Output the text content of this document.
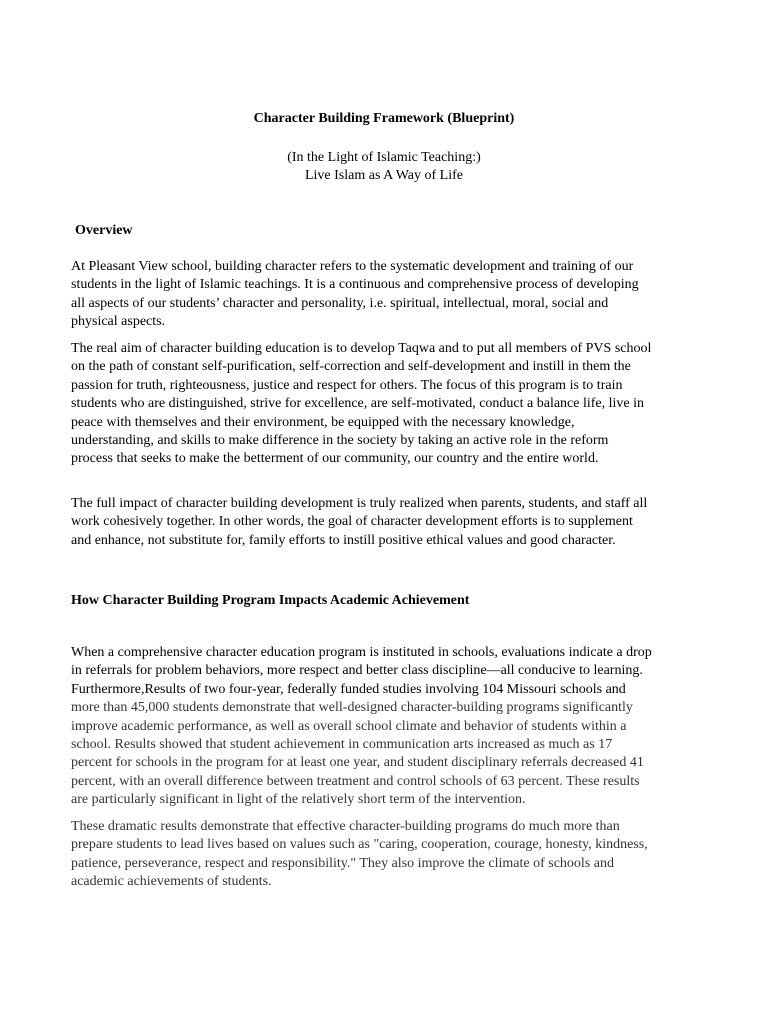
Character Building Framework (Blueprint)
(In the Light of Islamic Teaching:)
Live Islam as A Way of Life
Overview

At Pleasant View school, building character refers to the systematic development and training of our
students in the light of Islamic teachings. It is a continuous and comprehensive process of developing
all aspects of our students’ character and personality, i.e. spiritual, intellectual, moral, social and
physical aspects.

The real aim of character building education is to develop Taqwa and to put all members of PVS school
on the path of constant self-purification, self-correction and self-development and instill in them the
passion for truth, righteousness, justice and respect for others. The focus of this program is to train
students who are distinguished, strive for excellence, are self-motivated, conduct a balance life, live in
peace with themselves and their environment, be equipped with the necessary knowledge,
understanding, and skills to make difference in the society by taking an active role in the reform
process that seeks to make the betterment of our community, our country and the entire world.

The full impact of character building development is truly realized when parents, students, and staff all
work cohesively together. In other words, the goal of character development efforts is to supplement
and enhance, not substitute for, family efforts to instill positive ethical values and good character.

How Character Building Program Impacts Academic Achievement

When a comprehensive character education program is instituted in schools, evaluations indicate a drop
in referrals for problem behaviors, more respect and better class discipline—all conducive to learning.
Furthermore,Results of two four-year, federally funded studies involving 104 Missouri schools and
more than 45,000 students demonstrate that well-designed character-building programs significantly
improve academic performance, as well as overall school climate and behavior of students within a
school. Results showed that student achievement in communication arts increased as much as 17
percent for schools in the program for at least one year, and student disciplinary referrals decreased 41
percent, with an overall difference between treatment and control schools of 63 percent. These results
are particularly significant in light of the relatively short term of the intervention.

These dramatic results demonstrate that effective character-building programs do much more than
prepare students to lead lives based on values such as "caring, cooperation, courage, honesty, kindness,
patience, perseverance, respect and responsibility." They also improve the climate of schools and
academic achievements of students.
